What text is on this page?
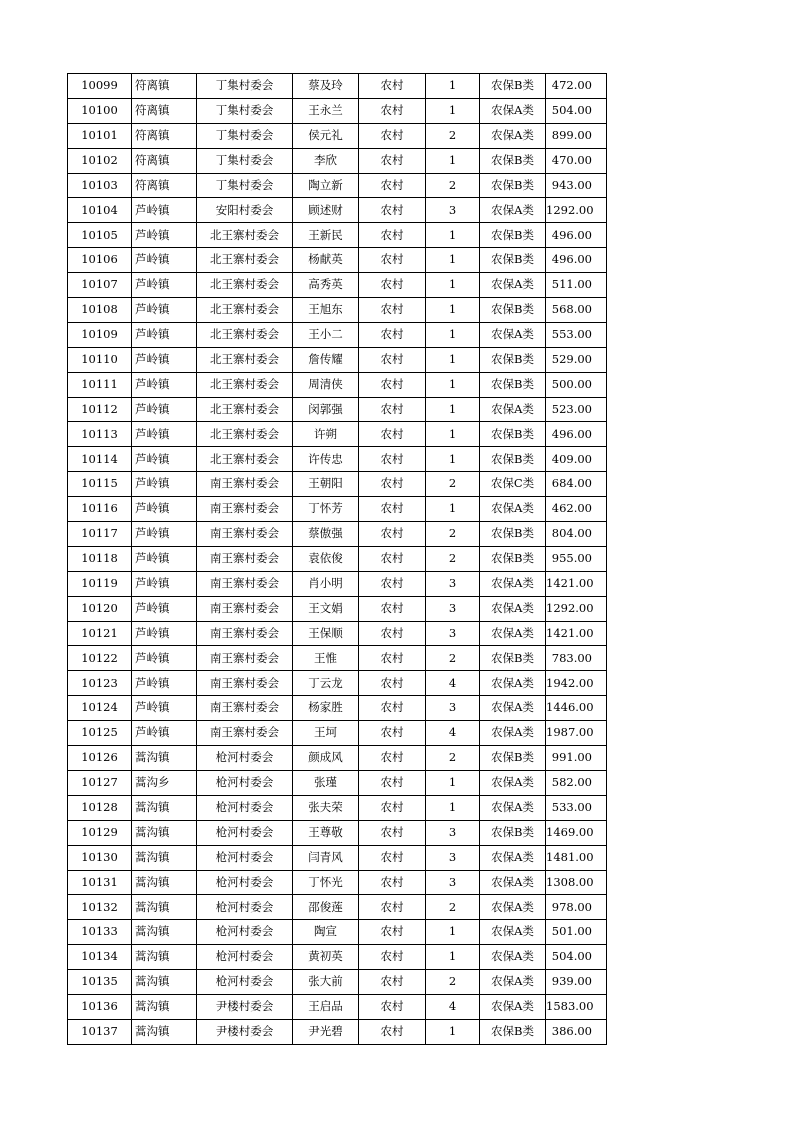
10099	符离镇	丁集村委会	蔡及玲	农村	1	农保B类	472.00
10100	符离镇	丁集村委会	王永兰	农村	1	农保A类	504.00
10101	符离镇	丁集村委会	侯元礼	农村	2	农保A类	899.00
10102	符离镇	丁集村委会	李欣	农村	1	农保B类	470.00
10103	符离镇	丁集村委会	陶立新	农村	2	农保B类	943.00
10104	芦岭镇	安阳村委会	顾述财	农村	3	农保A类	1292.00
10105	芦岭镇	北王寨村委会	王新民	农村	1	农保B类	496.00
10106	芦岭镇	北王寨村委会	杨献英	农村	1	农保B类	496.00
10107	芦岭镇	北王寨村委会	高秀英	农村	1	农保A类	511.00
10108	芦岭镇	北王寨村委会	王旭东	农村	1	农保B类	568.00
10109	芦岭镇	北王寨村委会	王小二	农村	1	农保A类	553.00
10110	芦岭镇	北王寨村委会	詹传耀	农村	1	农保B类	529.00
10111	芦岭镇	北王寨村委会	周清侠	农村	1	农保B类	500.00
10112	芦岭镇	北王寨村委会	闵郭强	农村	1	农保A类	523.00
10113	芦岭镇	北王寨村委会	许朔	农村	1	农保B类	496.00
10114	芦岭镇	北王寨村委会	许传忠	农村	1	农保B类	409.00
10115	芦岭镇	南王寨村委会	王朝阳	农村	2	农保C类	684.00
10116	芦岭镇	南王寨村委会	丁怀芳	农村	1	农保A类	462.00
10117	芦岭镇	南王寨村委会	蔡傲强	农村	2	农保B类	804.00
10118	芦岭镇	南王寨村委会	袁依俊	农村	2	农保B类	955.00
10119	芦岭镇	南王寨村委会	肖小明	农村	3	农保A类	1421.00
10120	芦岭镇	南王寨村委会	王文娟	农村	3	农保A类	1292.00
10121	芦岭镇	南王寨村委会	王保顺	农村	3	农保A类	1421.00
10122	芦岭镇	南王寨村委会	王惟	农村	2	农保B类	783.00
10123	芦岭镇	南王寨村委会	丁云龙	农村	4	农保A类	1942.00
10124	芦岭镇	南王寨村委会	杨家胜	农村	3	农保A类	1446.00
10125	芦岭镇	南王寨村委会	王坷	农村	4	农保A类	1987.00
10126	蒿沟镇	枪河村委会	颜成风	农村	2	农保B类	991.00
10127	蒿沟乡	枪河村委会	张瑾	农村	1	农保A类	582.00
10128	蒿沟镇	枪河村委会	张夫荣	农村	1	农保A类	533.00
10129	蒿沟镇	枪河村委会	王尊敬	农村	3	农保B类	1469.00
10130	蒿沟镇	枪河村委会	闫青风	农村	3	农保A类	1481.00
10131	蒿沟镇	枪河村委会	丁怀光	农村	3	农保A类	1308.00
10132	蒿沟镇	枪河村委会	邵俊莲	农村	2	农保A类	978.00
10133	蒿沟镇	枪河村委会	陶宣	农村	1	农保A类	501.00
10134	蒿沟镇	枪河村委会	黄初英	农村	1	农保A类	504.00
10135	蒿沟镇	枪河村委会	张大前	农村	2	农保A类	939.00
10136	蒿沟镇	尹楼村委会	王启品	农村	4	农保A类	1583.00
10137	蒿沟镇	尹楼村委会	尹光碧	农村	1	农保B类	386.00
